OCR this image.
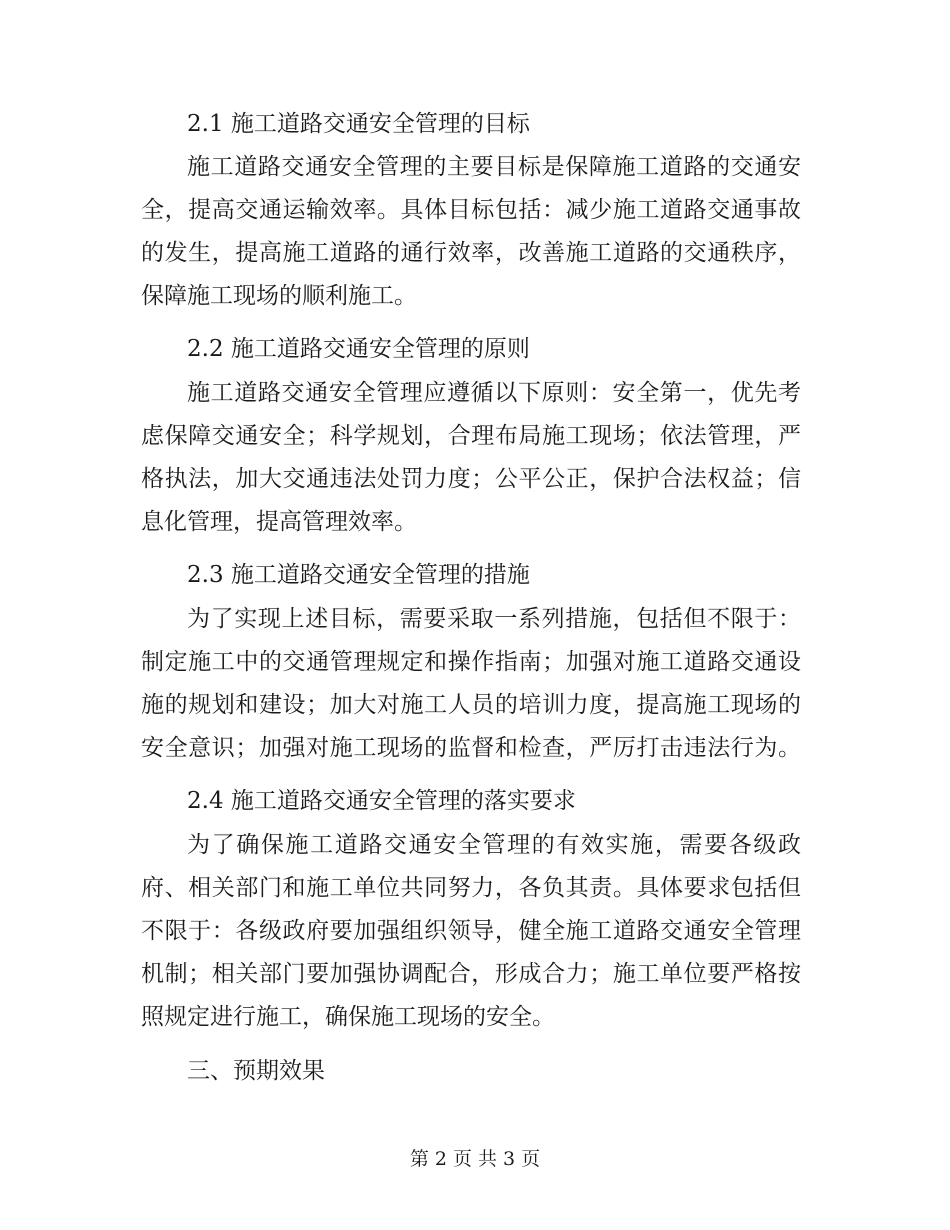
2.1 施工道路交通安全管理的目标
施工道路交通安全管理的主要目标是保障施工道路的交通安
全，提高交通运输效率。具体目标包括：减少施工道路交通事故
的发生，提高施工道路的通行效率，改善施工道路的交通秩序，
保障施工现场的顺利施工。
2.2 施工道路交通安全管理的原则
施工道路交通安全管理应遵循以下原则：安全第一，优先考
虑保障交通安全；科学规划，合理布局施工现场；依法管理，严
格执法，加大交通违法处罚力度；公平公正，保护合法权益；信
息化管理，提高管理效率。
2.3 施工道路交通安全管理的措施
为了实现上述目标，需要采取一系列措施，包括但不限于：
制定施工中的交通管理规定和操作指南；加强对施工道路交通设
施的规划和建设；加大对施工人员的培训力度，提高施工现场的
安全意识；加强对施工现场的监督和检查，严厉打击违法行为。
2.4 施工道路交通安全管理的落实要求
为了确保施工道路交通安全管理的有效实施，需要各级政
府、相关部门和施工单位共同努力，各负其责。具体要求包括但
不限于：各级政府要加强组织领导，健全施工道路交通安全管理
机制；相关部门要加强协调配合，形成合力；施工单位要严格按
照规定进行施工，确保施工现场的安全。
三、预期效果
第 2 页 共 3 页
